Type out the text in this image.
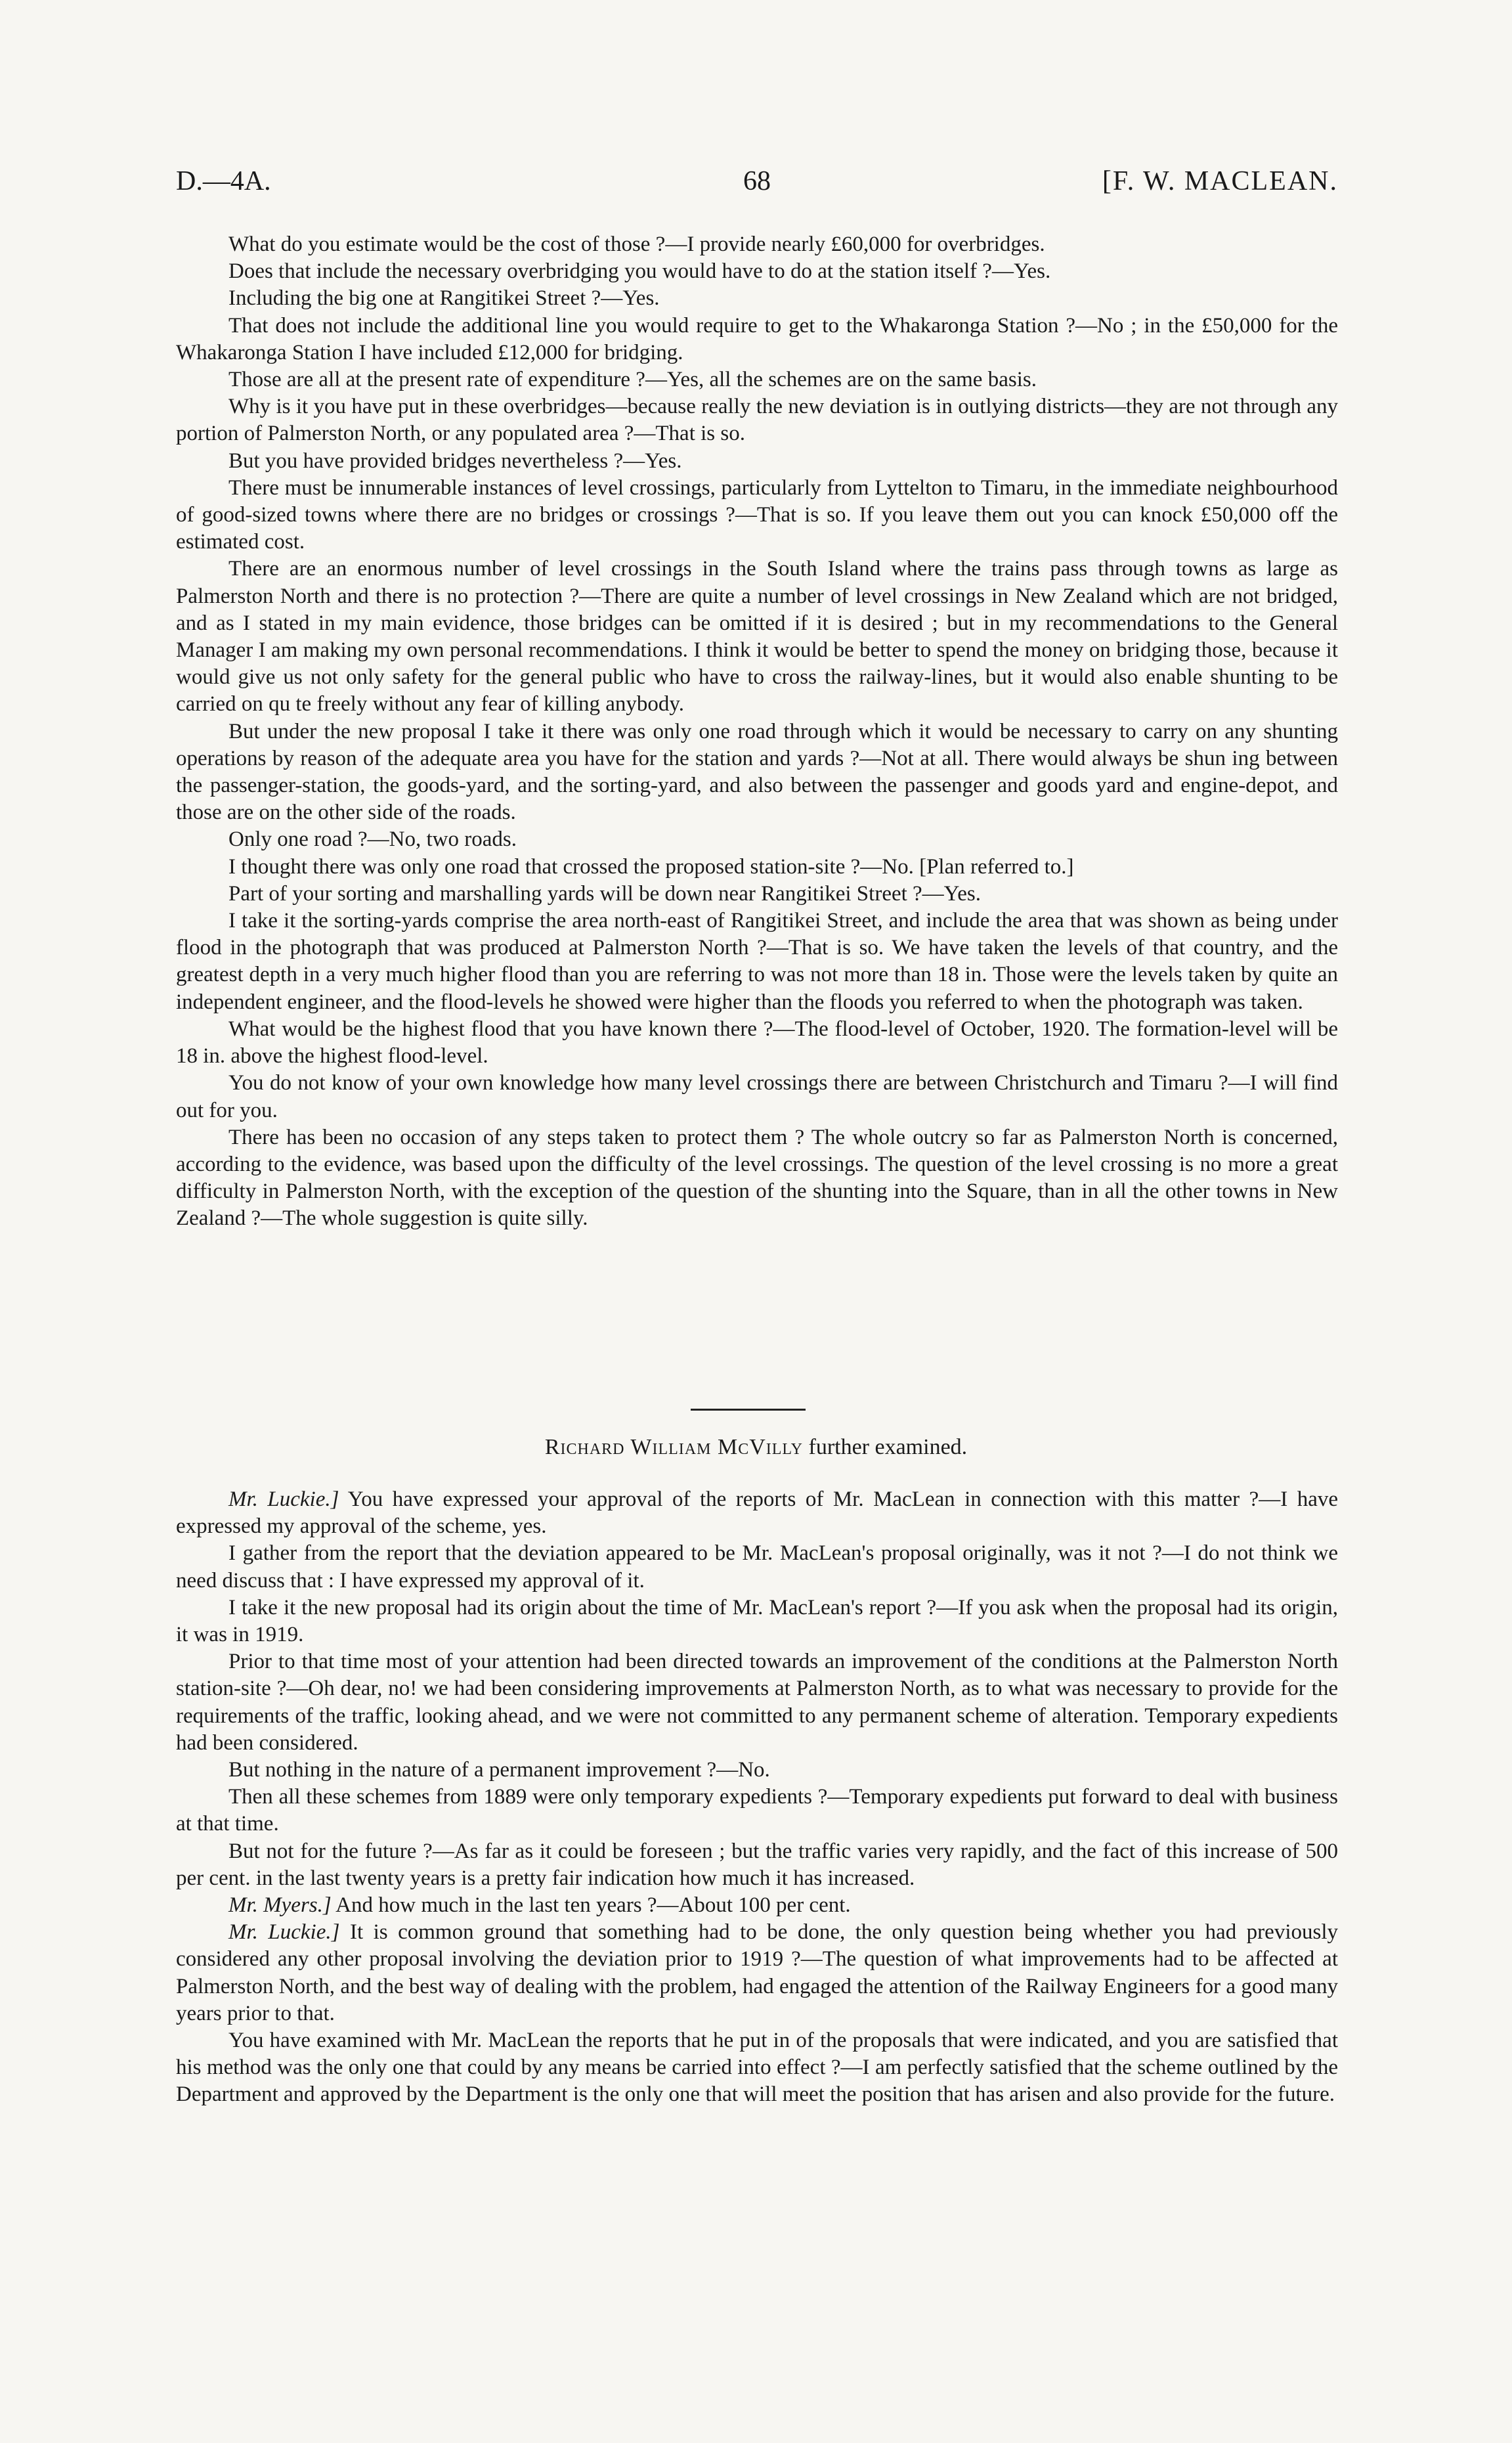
D.—4A.	68	[F. W. MACLEAN.

What do you estimate would be the cost of those ?—I provide nearly £60,000 for overbridges.

Does that include the necessary overbridging you would have to do at the station itself ?—Yes.

Including the big one at Rangitikei Street ?—Yes.

That does not include the additional line you would require to get to the Whakaronga Station ?—No ; in the £50,000 for the Whakaronga Station I have included £12,000 for bridging.

Those are all at the present rate of expenditure ?—Yes, all the schemes are on the same basis.

Why is it you have put in these overbridges—because really the new deviation is in outlying districts—they are not through any portion of Palmerston North, or any populated area ?—That is so.

But you have provided bridges nevertheless ?—Yes.

There must be innumerable instances of level crossings, particularly from Lyttelton to Timaru, in the immediate neighbourhood of good-sized towns where there are no bridges or crossings ?—That is so. If you leave them out you can knock £50,000 off the estimated cost.

There are an enormous number of level crossings in the South Island where the trains pass through towns as large as Palmerston North and there is no protection ?—There are quite a number of level crossings in New Zealand which are not bridged, and as I stated in my main evidence, those bridges can be omitted if it is desired ; but in my recommendations to the General Manager I am making my own personal recommendations. I think it would be better to spend the money on bridging those, because it would give us not only safety for the general public who have to cross the railway-lines, but it would also enable shunting to be carried on qu te freely without any fear of killing anybody.

But under the new proposal I take it there was only one road through which it would be necessary to carry on any shunting operations by reason of the adequate area you have for the station and yards ?—Not at all. There would always be shun ing between the passenger-station, the goods-yard, and the sorting-yard, and also between the passenger and goods yard and engine-depot, and those are on the other side of the roads.

Only one road ?—No, two roads.

I thought there was only one road that crossed the proposed station-site ?—No. [Plan referred to.]

Part of your sorting and marshalling yards will be down near Rangitikei Street ?—Yes.

I take it the sorting-yards comprise the area north-east of Rangitikei Street, and include the area that was shown as being under flood in the photograph that was produced at Palmerston North ?—That is so. We have taken the levels of that country, and the greatest depth in a very much higher flood than you are referring to was not more than 18 in. Those were the levels taken by quite an independent engineer, and the flood-levels he showed were higher than the floods you referred to when the photograph was taken.

What would be the highest flood that you have known there ?—The flood-level of October, 1920. The formation-level will be 18 in. above the highest flood-level.

You do not know of your own knowledge how many level crossings there are between Christchurch and Timaru ?—I will find out for you.

There has been no occasion of any steps taken to protect them ? The whole outcry so far as Palmerston North is concerned, according to the evidence, was based upon the difficulty of the level crossings. The question of the level crossing is no more a great difficulty in Palmerston North, with the exception of the question of the shunting into the Square, than in all the other towns in New Zealand ?—The whole suggestion is quite silly.

Richard William McVilly further examined.

Mr. Luckie.] You have expressed your approval of the reports of Mr. MacLean in connection with this matter ?—I have expressed my approval of the scheme, yes.

I gather from the report that the deviation appeared to be Mr. MacLean's proposal originally, was it not ?—I do not think we need discuss that : I have expressed my approval of it.

I take it the new proposal had its origin about the time of Mr. MacLean's report ?—If you ask when the proposal had its origin, it was in 1919.

Prior to that time most of your attention had been directed towards an improvement of the conditions at the Palmerston North station-site ?—Oh dear, no! we had been considering improvements at Palmerston North, as to what was necessary to provide for the requirements of the traffic, looking ahead, and we were not committed to any permanent scheme of alteration. Temporary expedients had been considered.

But nothing in the nature of a permanent improvement ?—No.

Then all these schemes from 1889 were only temporary expedients ?—Temporary expedients put forward to deal with business at that time.

But not for the future ?—As far as it could be foreseen ; but the traffic varies very rapidly, and the fact of this increase of 500 per cent. in the last twenty years is a pretty fair indication how much it has increased.

Mr. Myers.] And how much in the last ten years ?—About 100 per cent.

Mr. Luckie.] It is common ground that something had to be done, the only question being whether you had previously considered any other proposal involving the deviation prior to 1919 ?—The question of what improvements had to be affected at Palmerston North, and the best way of dealing with the problem, had engaged the attention of the Railway Engineers for a good many years prior to that.

You have examined with Mr. MacLean the reports that he put in of the proposals that were indicated, and you are satisfied that his method was the only one that could by any means be carried into effect ?—I am perfectly satisfied that the scheme outlined by the Department and approved by the Department is the only one that will meet the position that has arisen and also provide for the future.
